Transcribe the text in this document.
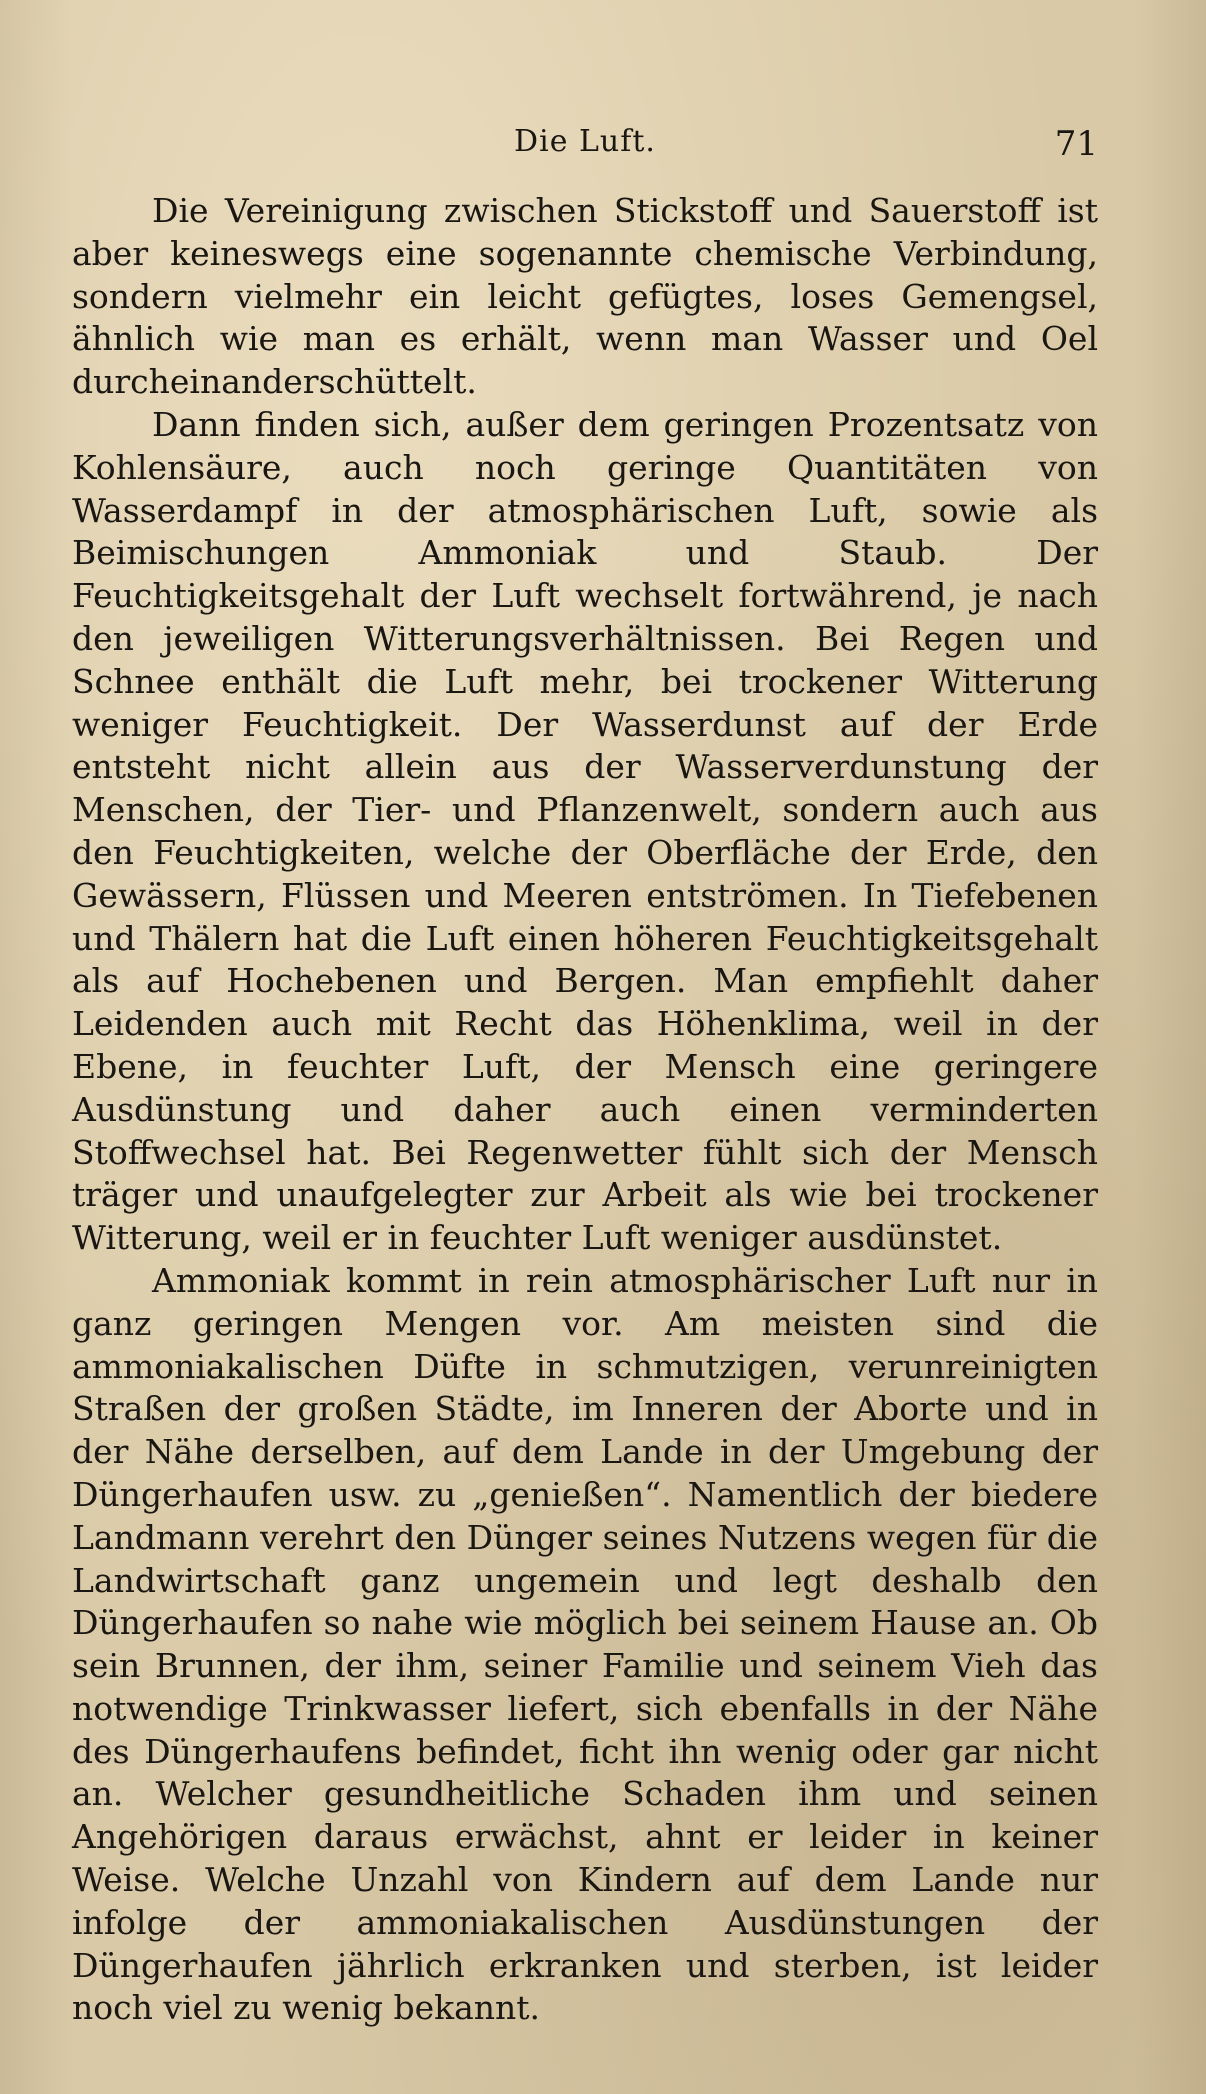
Die Luft.	71

Die Vereinigung zwischen Stickstoff und Sauerstoff ist aber keineswegs eine sogenannte chemische Verbindung, sondern vielmehr ein leicht gefügtes, loses Gemengsel, ähnlich wie man es erhält, wenn man Wasser und Oel durcheinanderschüttelt.

Dann finden sich, außer dem geringen Prozentsatz von Kohlensäure, auch noch geringe Quantitäten von Wasserdampf in der atmosphärischen Luft, sowie als Beimischungen Ammoniak und Staub. Der Feuchtigkeitsgehalt der Luft wechselt fortwährend, je nach den jeweiligen Witterungsverhältnissen. Bei Regen und Schnee enthält die Luft mehr, bei trockener Witterung weniger Feuchtigkeit. Der Wasserdunst auf der Erde entsteht nicht allein aus der Wasserverdunstung der Menschen, der Tier- und Pflanzenwelt, sondern auch aus den Feuchtigkeiten, welche der Oberfläche der Erde, den Gewässern, Flüssen und Meeren entströmen. In Tiefebenen und Thälern hat die Luft einen höheren Feuchtigkeitsgehalt als auf Hochebenen und Bergen. Man empfiehlt daher Leidenden auch mit Recht das Höhenklima, weil in der Ebene, in feuchter Luft, der Mensch eine geringere Ausdünstung und daher auch einen verminderten Stoffwechsel hat. Bei Regenwetter fühlt sich der Mensch träger und unaufgelegter zur Arbeit als wie bei trockener Witterung, weil er in feuchter Luft weniger ausdünstet.

Ammoniak kommt in rein atmosphärischer Luft nur in ganz geringen Mengen vor. Am meisten sind die ammoniakalischen Düfte in schmutzigen, verunreinigten Straßen der großen Städte, im Inneren der Aborte und in der Nähe derselben, auf dem Lande in der Umgebung der Düngerhaufen usw. zu „genießen“. Namentlich der biedere Landmann verehrt den Dünger seines Nutzens wegen für die Landwirtschaft ganz ungemein und legt deshalb den Düngerhaufen so nahe wie möglich bei seinem Hause an. Ob sein Brunnen, der ihm, seiner Familie und seinem Vieh das notwendige Trinkwasser liefert, sich ebenfalls in der Nähe des Düngerhaufens befindet, ficht ihn wenig oder gar nicht an. Welcher gesundheitliche Schaden ihm und seinen Angehörigen daraus erwächst, ahnt er leider in keiner Weise. Welche Unzahl von Kindern auf dem Lande nur infolge der ammoniakalischen Ausdünstungen der Düngerhaufen jährlich erkranken und sterben, ist leider noch viel zu wenig bekannt.
